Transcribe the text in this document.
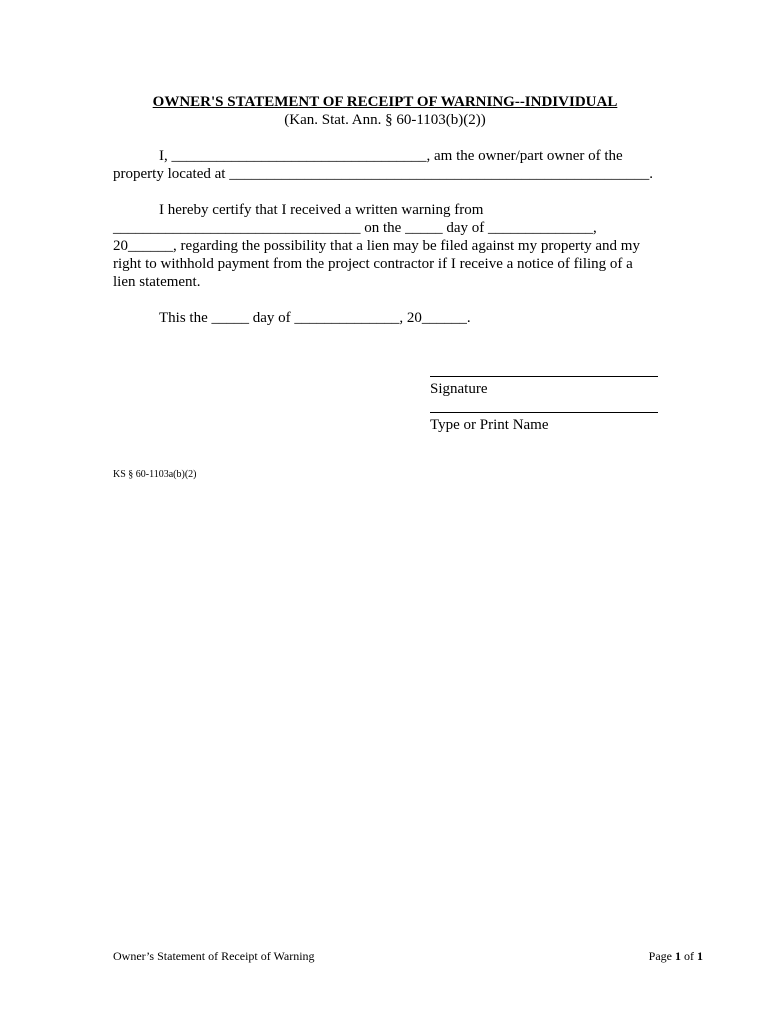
OWNER'S STATEMENT OF RECEIPT OF WARNING--INDIVIDUAL
(Kan. Stat. Ann. § 60-1103(b)(2))
I, __________________________________, am the owner/part owner of the
property located at ________________________________________________________.
I hereby certify that I received a written warning from
_________________________________ on the _____ day of ______________,
20______, regarding the possibility that a lien may be filed against my property and my
right to withhold payment from the project contractor if I receive a notice of filing of a
lien statement.
This the _____ day of ______________, 20______.
Signature
Type or Print Name
KS § 60-1103a(b)(2)
Owner’s Statement of Receipt of Warning	Page 1 of 1
